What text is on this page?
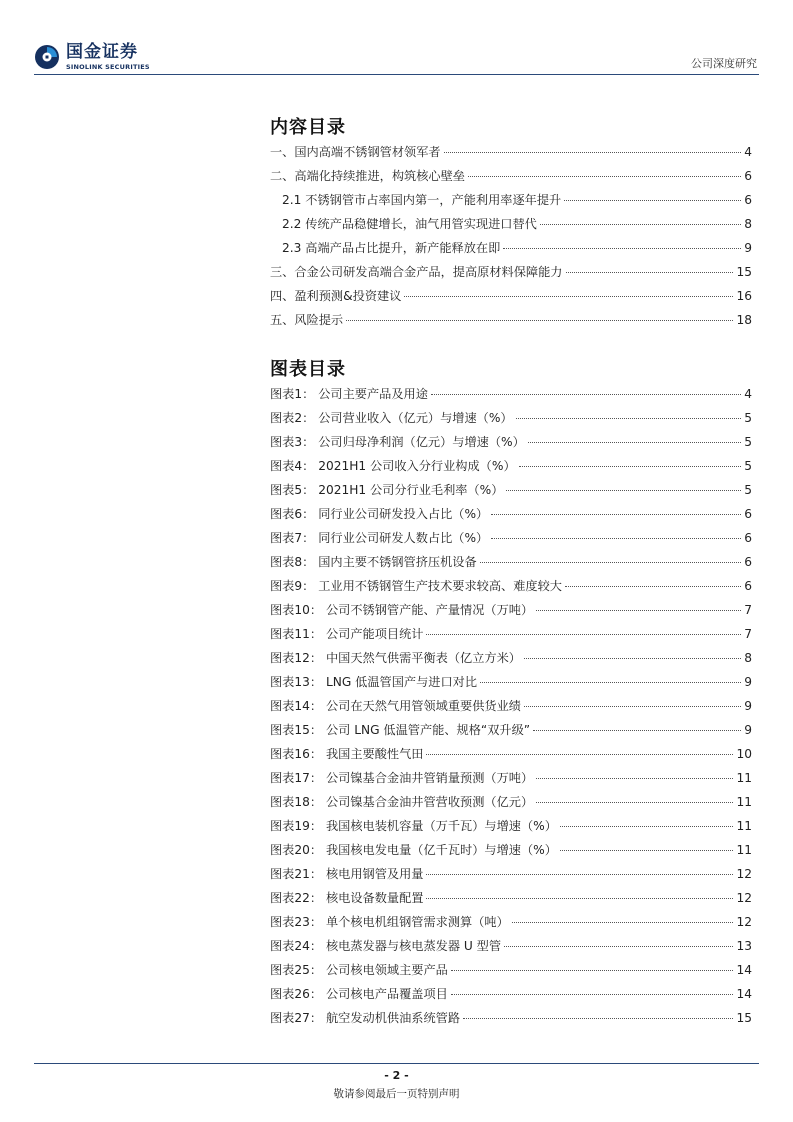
国金证券
SINOLINK SECURITIES	公司深度研究
内容目录
一、国内高端不锈钢管材领军者	4
二、高端化持续推进，构筑核心壁垒	6
2.1 不锈钢管市占率国内第一，产能利用率逐年提升	6
2.2 传统产品稳健增长，油气用管实现进口替代	8
2.3 高端产品占比提升，新产能释放在即	9
三、合金公司研发高端合金产品，提高原材料保障能力	15
四、盈利预测&投资建议	16
五、风险提示	18
图表目录
图表1： 公司主要产品及用途	4
图表2： 公司营业收入（亿元）与增速（%）	5
图表3： 公司归母净利润（亿元）与增速（%）	5
图表4： 2021H1 公司收入分行业构成（%）	5
图表5： 2021H1 公司分行业毛利率（%）	5
图表6： 同行业公司研发投入占比（%）	6
图表7： 同行业公司研发人数占比（%）	6
图表8： 国内主要不锈钢管挤压机设备	6
图表9： 工业用不锈钢管生产技术要求较高、难度较大	6
图表10： 公司不锈钢管产能、产量情况（万吨）	7
图表11： 公司产能项目统计	7
图表12： 中国天然气供需平衡表（亿立方米）	8
图表13： LNG 低温管国产与进口对比	9
图表14： 公司在天然气用管领域重要供货业绩	9
图表15： 公司 LNG 低温管产能、规格“双升级”	9
图表16： 我国主要酸性气田	10
图表17： 公司镍基合金油井管销量预测（万吨）	11
图表18： 公司镍基合金油井管营收预测（亿元）	11
图表19： 我国核电装机容量（万千瓦）与增速（%）	11
图表20： 我国核电发电量（亿千瓦时）与增速（%）	11
图表21： 核电用钢管及用量	12
图表22： 核电设备数量配置	12
图表23： 单个核电机组钢管需求测算（吨）	12
图表24： 核电蒸发器与核电蒸发器 U 型管	13
图表25： 公司核电领域主要产品	14
图表26： 公司核电产品覆盖项目	14
图表27： 航空发动机供油系统管路	15
- 2 -
敬请参阅最后一页特别声明
